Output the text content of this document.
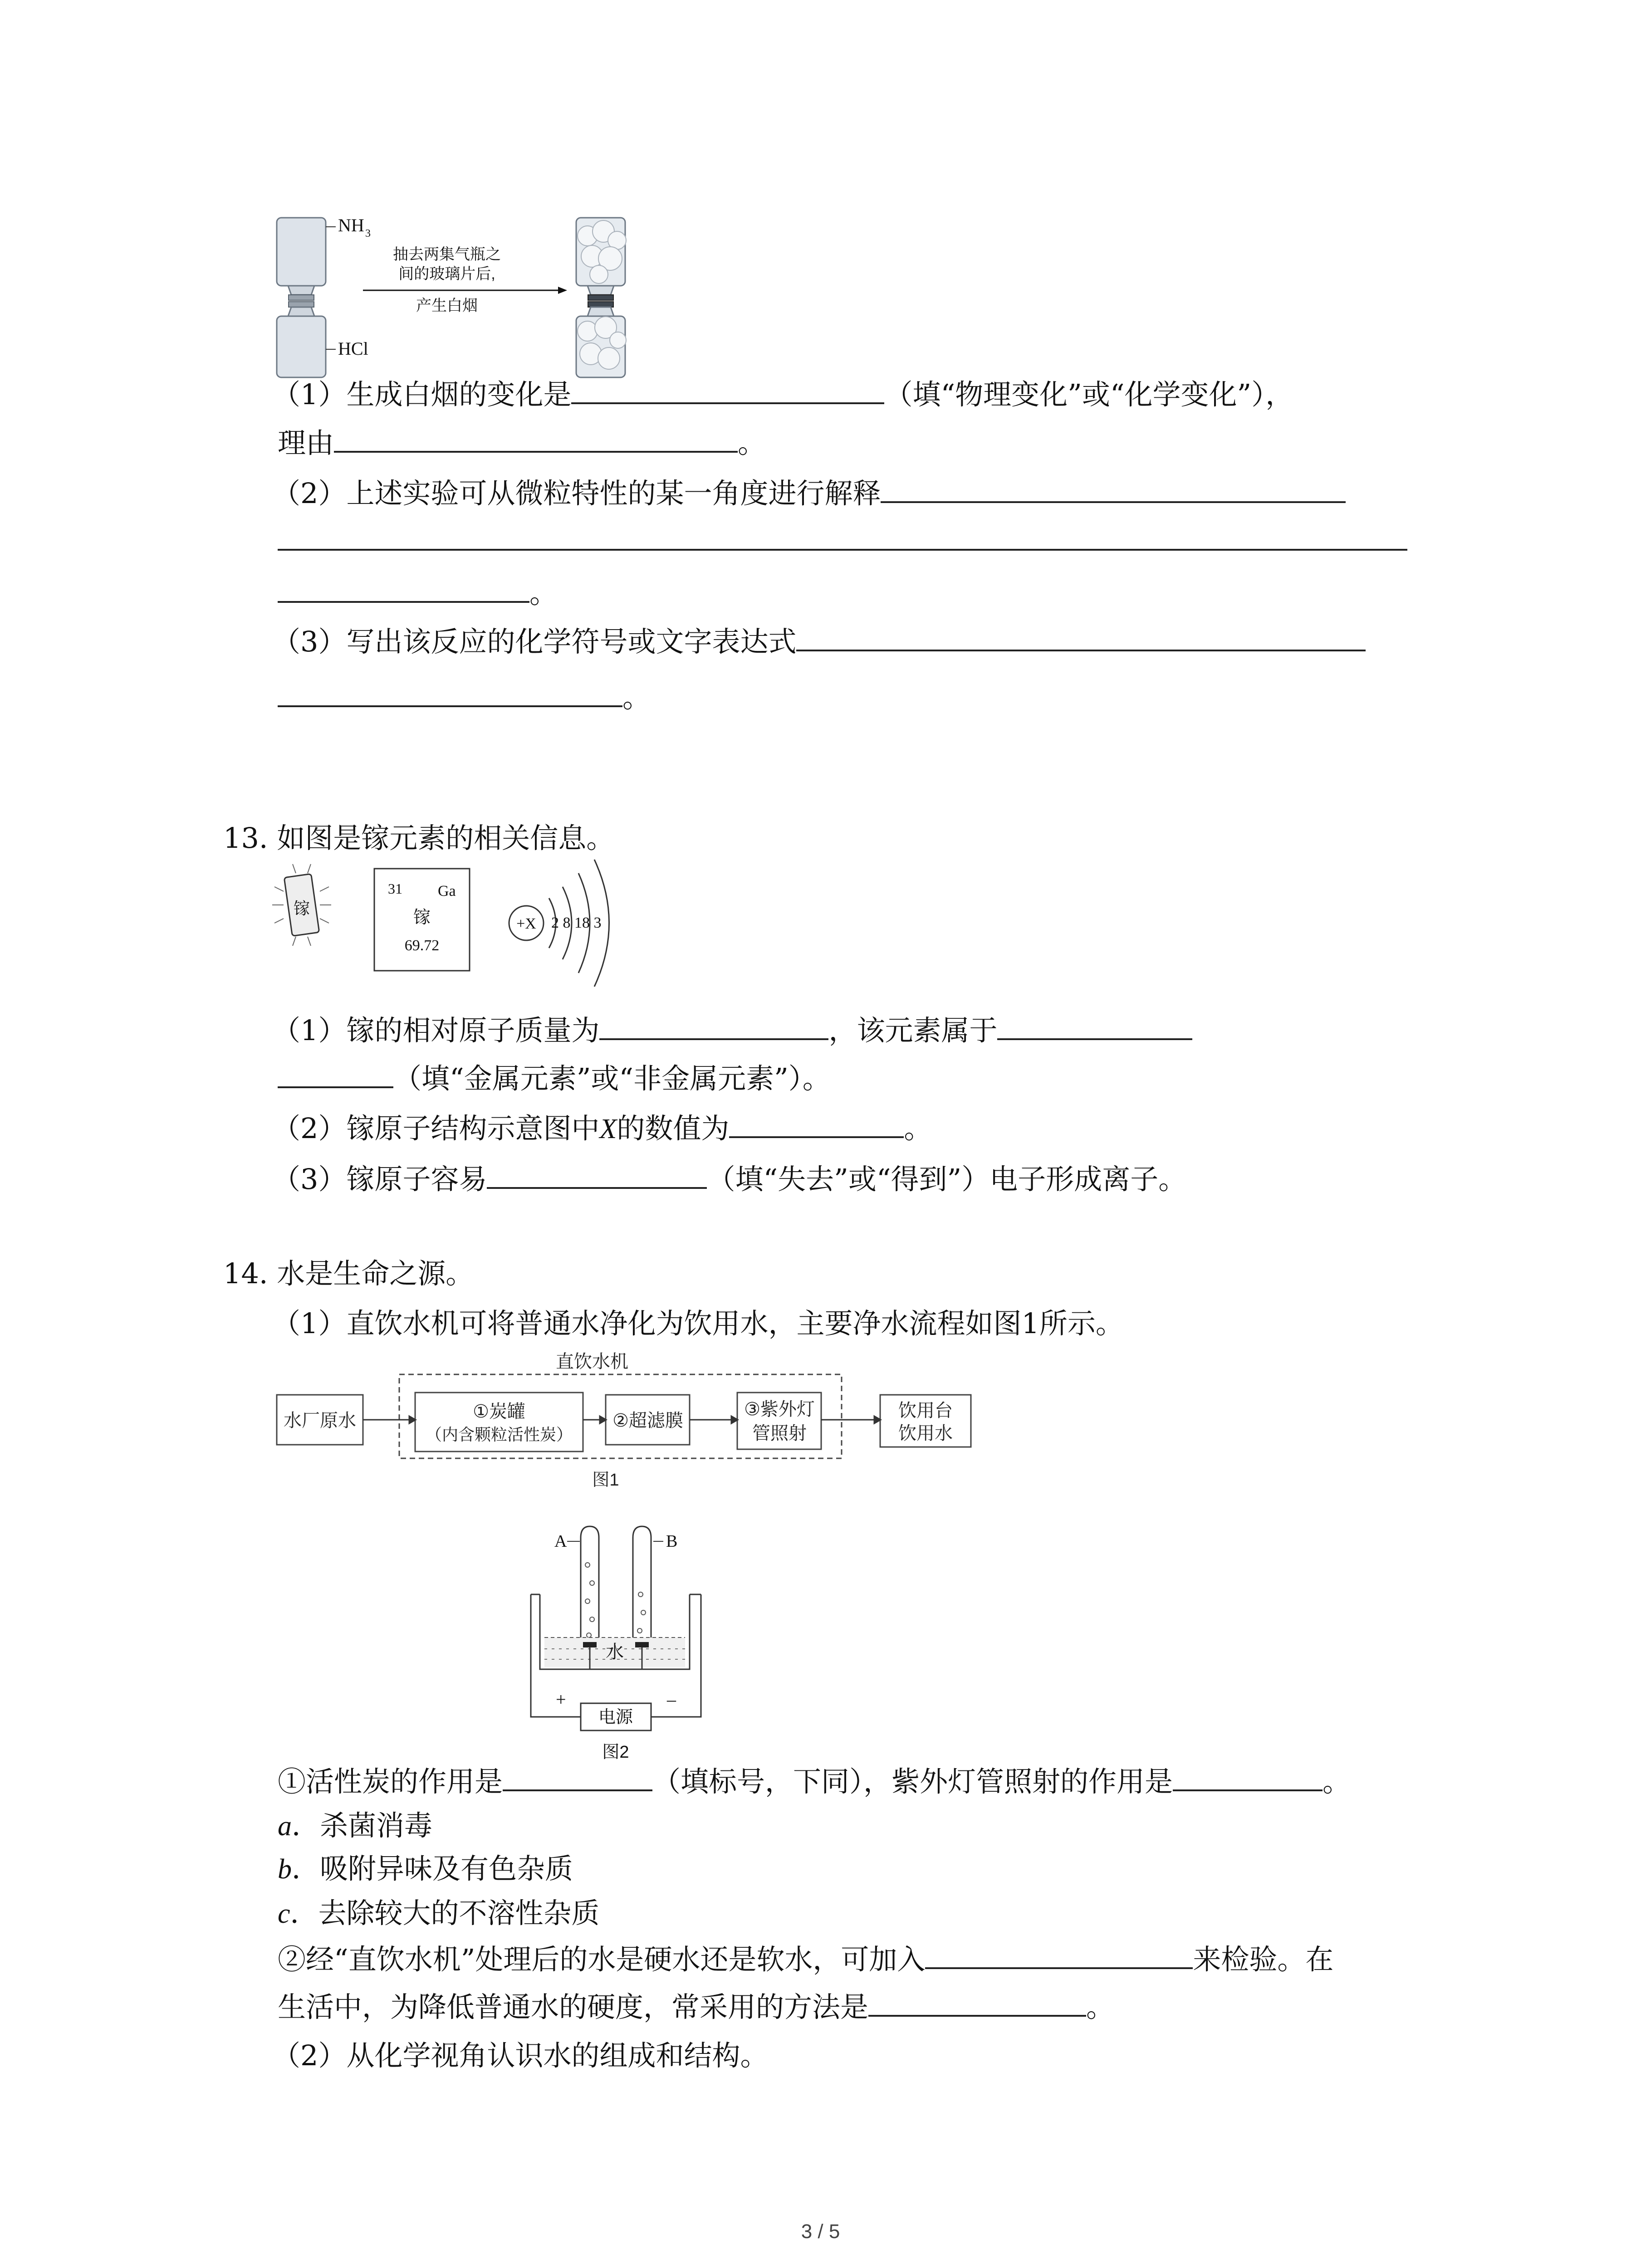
NH 3
HCl
抽去两集气瓶之
间的玻璃片后,
产生白烟
（1）生成白烟的变化是	（填“物理变化”或“化学变化”），
理由	。
（2）上述实验可从微粒特性的某一角度进行解释
。
（3）写出该反应的化学符号或文字表达式
。
13. 如图是镓元素的相关信息。
镓
31 Ga
镓
69.72
+X 2 8 18 3
（1）镓的相对原子质量为	，该元素属于
（填“金属元素”或“非金属元素”）。
（2）镓原子结构示意图中X的数值为	。
（3）镓原子容易	（填“失去”或“得到”）电子形成离子。
14. 水是生命之源。
（1）直饮水机可将普通水净化为饮用水，主要净水流程如图1所示。
直饮水机
水厂原水	①炭罐
（内含颗粒活性炭）
②超滤膜
③紫外灯
管照射
饮用台
饮用水
图1
A	B
水
+	–
电源
图2
①活性炭的作用是	（填标号，下同），紫外灯管照射的作用是	。
a．杀菌消毒
b．吸附异味及有色杂质
c．去除较大的不溶性杂质
②经“直饮水机”处理后的水是硬水还是软水，可加入	来检验。在
生活中，为降低普通水的硬度，常采用的方法是	。
（2）从化学视角认识水的组成和结构。
3 / 5
